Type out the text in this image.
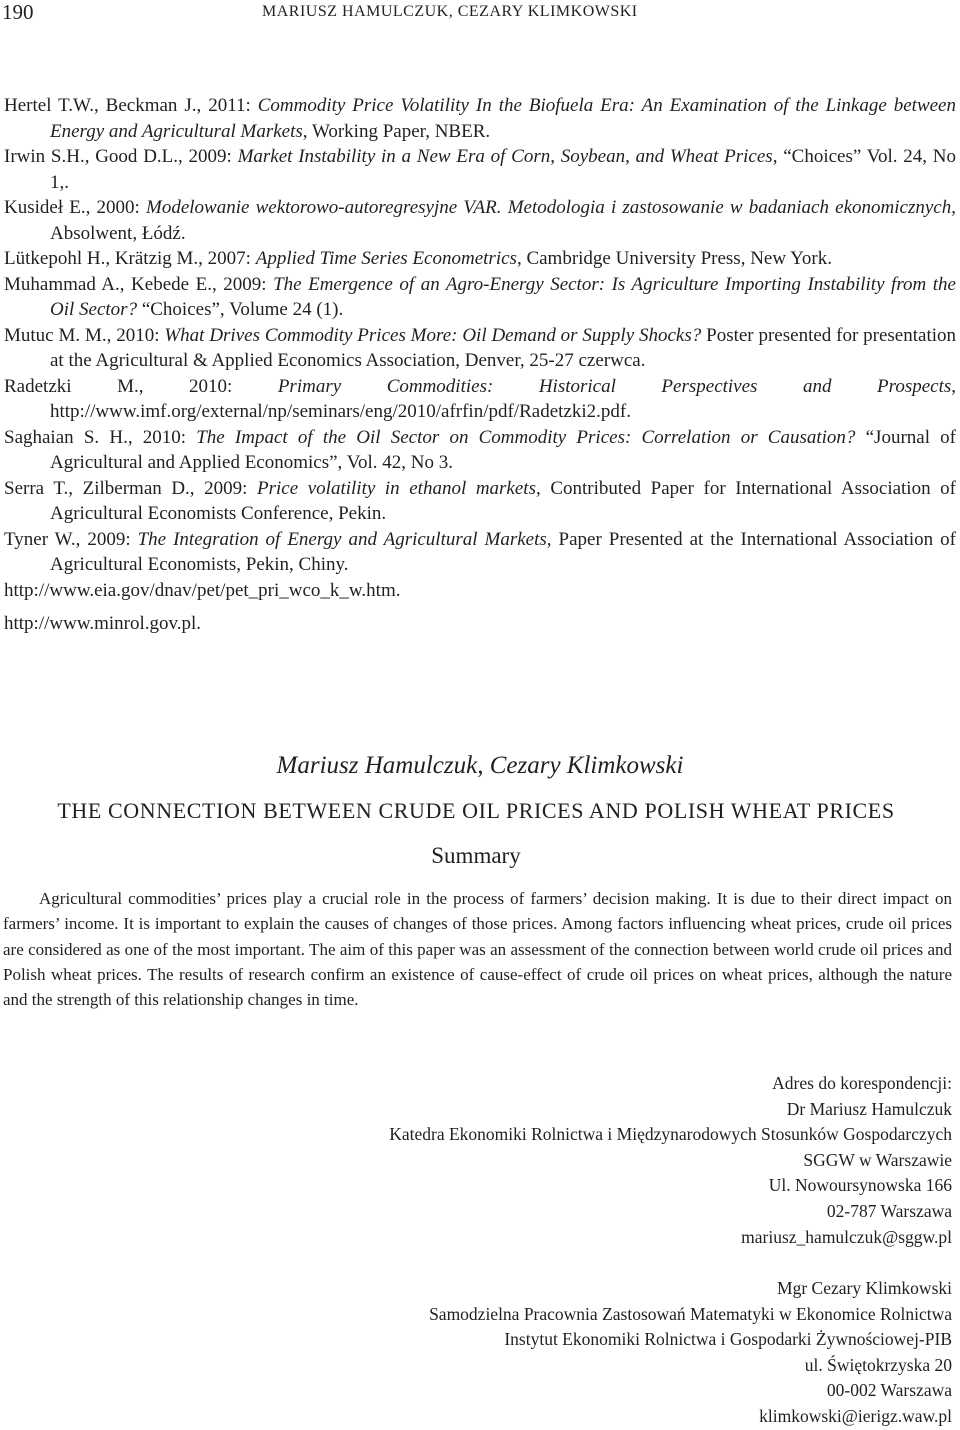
190	MARIUSZ HAMULCZUK, CEZARY KLIMKOWSKI

Hertel T.W., Beckman J., 2011: Commodity Price Volatility In the Biofuela Era: An Examination of the Linkage between Energy and Agricultural Markets, Working Paper, NBER.

Irwin S.H., Good D.L., 2009: Market Instability in a New Era of Corn, Soybean, and Wheat Prices, “Choices” Vol. 24, No 1,.

Kusideł E., 2000: Modelowanie wektorowo-autoregresyjne VAR. Metodologia i zastosowanie w badaniach ekonomicznych, Absolwent, Łódź.

Lütkepohl H., Krätzig M., 2007: Applied Time Series Econometrics, Cambridge University Press, New York.

Muhammad A., Kebede E., 2009: The Emergence of an Agro-Energy Sector: Is Agriculture Importing Instability from the Oil Sector? “Choices”, Volume 24 (1).

Mutuc M. M., 2010: What Drives Commodity Prices More: Oil Demand or Supply Shocks? Poster presented for presentation at the Agricultural & Applied Economics Association, Denver, 25-27 czerwca.

Radetzki M., 2010: Primary Commodities: Historical Perspectives and Prospects, http://www.imf.org/external/np/seminars/eng/2010/afrfin/pdf/Radetzki2.pdf.

Saghaian S. H., 2010: The Impact of the Oil Sector on Commodity Prices: Correlation or Causation? “Journal of Agricultural and Applied Economics”, Vol. 42, No 3.

Serra T., Zilberman D., 2009: Price volatility in ethanol markets, Contributed Paper for International Association of Agricultural Economists Conference, Pekin.

Tyner W., 2009: The Integration of Energy and Agricultural Markets, Paper Presented at the International Association of Agricultural Economists, Pekin, Chiny.

http://www.eia.gov/dnav/pet/pet_pri_wco_k_w.htm.

http://www.minrol.gov.pl.

Mariusz Hamulczuk, Cezary Klimkowski
THE CONNECTION BETWEEN CRUDE OIL PRICES AND POLISH WHEAT PRICES
Summary

Agricultural commodities’ prices play a crucial role in the process of farmers’ decision making. It is due to their direct impact on farmers’ income. It is important to explain the causes of changes of those prices. Among factors influencing wheat prices, crude oil prices are considered as one of the most important. The aim of this paper was an assessment of the connection between world crude oil prices and Polish wheat prices. The results of research confirm an existence of cause-effect of crude oil prices on wheat prices, although the nature and the strength of this relationship changes in time.

Adres do korespondencji:
Dr Mariusz Hamulczuk
Katedra Ekonomiki Rolnictwa i Międzynarodowych Stosunków Gospodarczych
SGGW w Warszawie
Ul. Nowoursynowska 166
02-787 Warszawa
mariusz_hamulczuk@sggw.pl
Mgr Cezary Klimkowski
Samodzielna Pracownia Zastosowań Matematyki w Ekonomice Rolnictwa
Instytut Ekonomiki Rolnictwa i Gospodarki Żywnościowej-PIB
ul. Świętokrzyska 20
00-002 Warszawa
klimkowski@ierigz.waw.pl
